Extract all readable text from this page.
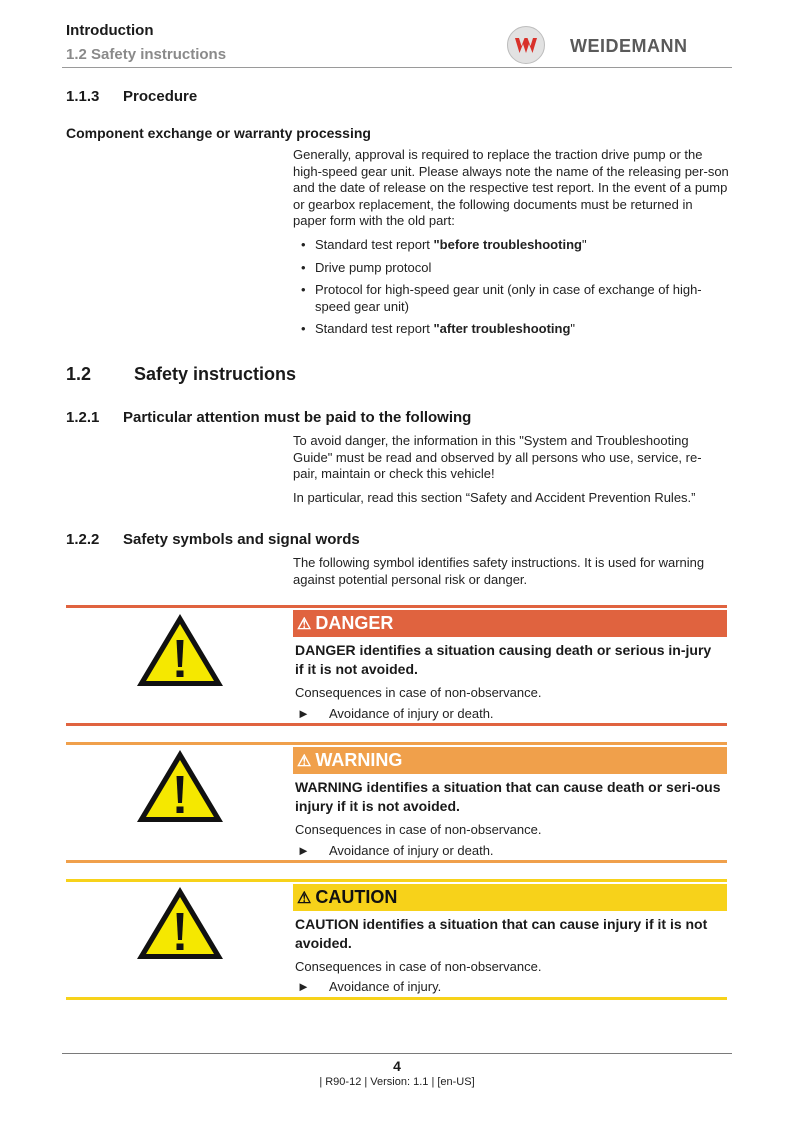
Introduction
1.2 Safety instructions	WEIDEMANN
1.1.3 Procedure
Component exchange or warranty processing
Generally, approval is required to replace the traction drive pump or the high-speed gear unit. Please always note the name of the releasing per-son and the date of release on the respective test report. In the event of a pump or gearbox replacement, the following documents must be returned in paper form with the old part:
• Standard test report "before troubleshooting"
• Drive pump protocol
• Protocol for high-speed gear unit (only in case of exchange of high-speed gear unit)
• Standard test report "after troubleshooting"
1.2 Safety instructions
1.2.1 Particular attention must be paid to the following
To avoid danger, the information in this "System and Troubleshooting Guide" must be read and observed by all persons who use, service, re-pair, maintain or check this vehicle!
In particular, read this section “Safety and Accident Prevention Rules.”
1.2.2 Safety symbols and signal words
The following symbol identifies safety instructions. It is used for warning against potential personal risk or danger.
⚠ DANGER
DANGER identifies a situation causing death or serious in-jury if it is not avoided.
Consequences in case of non-observance.
► Avoidance of injury or death.
⚠ WARNING
WARNING identifies a situation that can cause death or seri-ous injury if it is not avoided.
Consequences in case of non-observance.
► Avoidance of injury or death.
⚠ CAUTION
CAUTION identifies a situation that can cause injury if it is not avoided.
Consequences in case of non-observance.
► Avoidance of injury.
4
| R90-12 | Version: 1.1 | [en-US]
